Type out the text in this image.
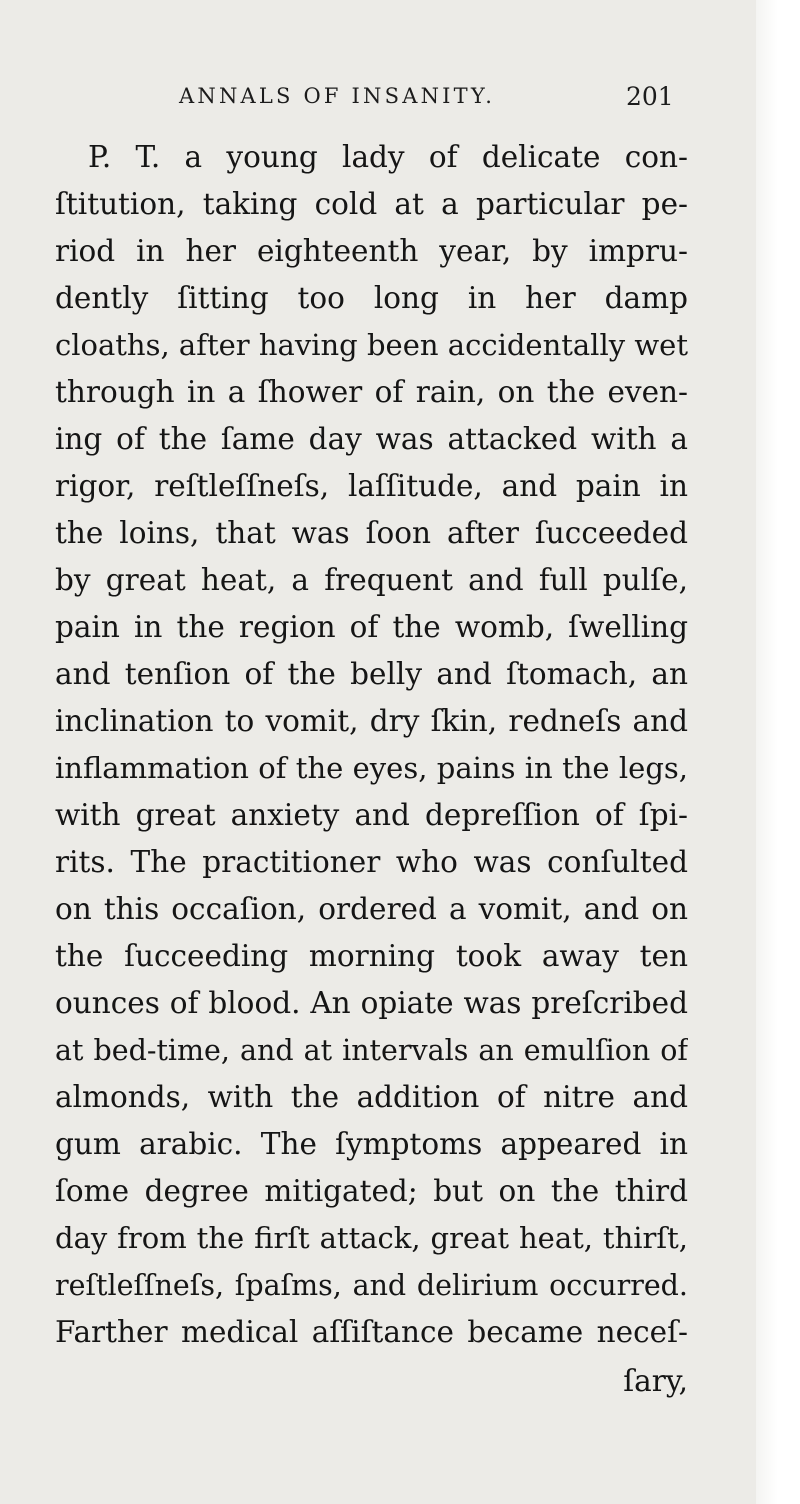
ANNALS OF INSANITY.	201
P. T. a young lady of delicate con-
ſtitution, taking cold at a particular pe-
riod in her eighteenth year, by impru-
dently ſitting too long in her damp
cloaths, after having been accidentally wet
through in a ſhower of rain, on the even-
ing of the ſame day was attacked with a
rigor, reſtleſſneſs, laſſitude, and pain in
the loins, that was ſoon after ſucceeded
by great heat, a frequent and full pulſe,
pain in the region of the womb, ſwelling
and tenſion of the belly and ſtomach, an
inclination to vomit, dry ſkin, redneſs and
inflammation of the eyes, pains in the legs,
with great anxiety and depreſſion of ſpi-
rits. The practitioner who was conſulted
on this occaſion, ordered a vomit, and on
the ſucceeding morning took away ten
ounces of blood. An opiate was preſcribed
at bed-time, and at intervals an emulſion of
almonds, with the addition of nitre and
gum arabic. The ſymptoms appeared in
ſome degree mitigated; but on the third
day from the firſt attack, great heat, thirſt,
reſtleſſneſs, ſpaſms, and delirium occurred.
Farther medical aſſiſtance became neceſ-
ſary,
